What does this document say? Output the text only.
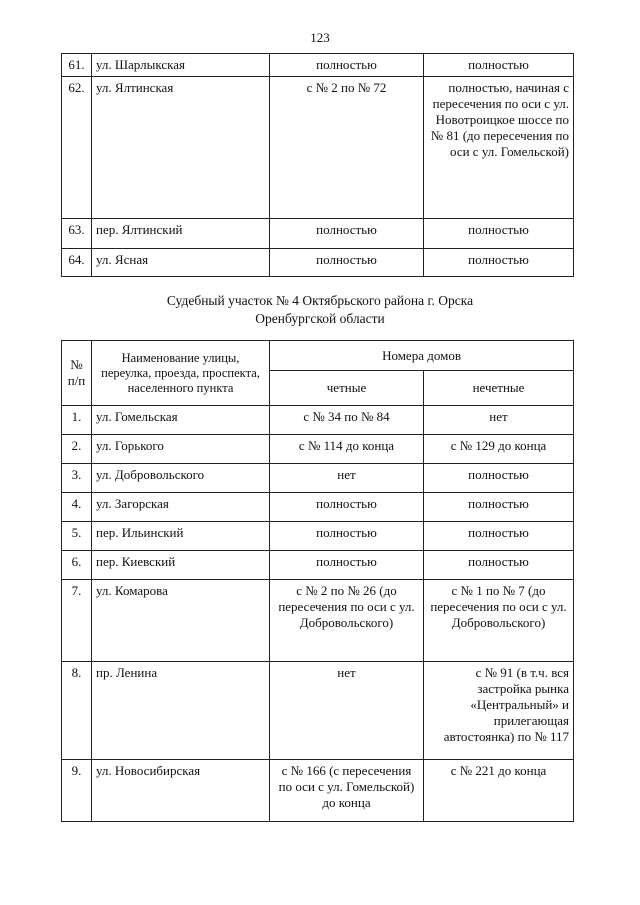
123
61.	ул. Шарлыкская	полностью	полностью
62.	ул. Ялтинская	с № 2 по № 72	полностью, начиная с пересечения по оси с ул. Новотроицкое шоссе по № 81 (до пересечения по оси с ул. Гомельской)
63.	пер. Ялтинский	полностью	полностью
64.	ул. Ясная	полностью	полностью
Судебный участок № 4 Октябрьского района г. Орска
Оренбургской области
№ п/п	Наименование улицы, переулка, проезда, проспекта, населенного пункта	Номера домов	
		четные	нечетные
1.	ул. Гомельская	с № 34 по № 84	нет
2.	ул. Горького	с № 114 до конца	с № 129 до конца
3.	ул. Добровольского	нет	полностью
4.	ул. Загорская	полностью	полностью
5.	пер. Ильинский	полностью	полностью
6.	пер. Киевский	полностью	полностью
7.	ул. Комарова	с № 2 по № 26 (до пересечения по оси с ул. Добровольского)	с № 1 по № 7 (до пересечения по оси с ул. Добровольского)
8.	пр. Ленина	нет	с № 91 (в т.ч. вся застройка рынка «Центральный» и прилегающая автостоянка) по № 117
9.	ул. Новосибирская	с № 166 (с пересечения по оси с ул. Гомельской) до конца	с № 221 до конца
